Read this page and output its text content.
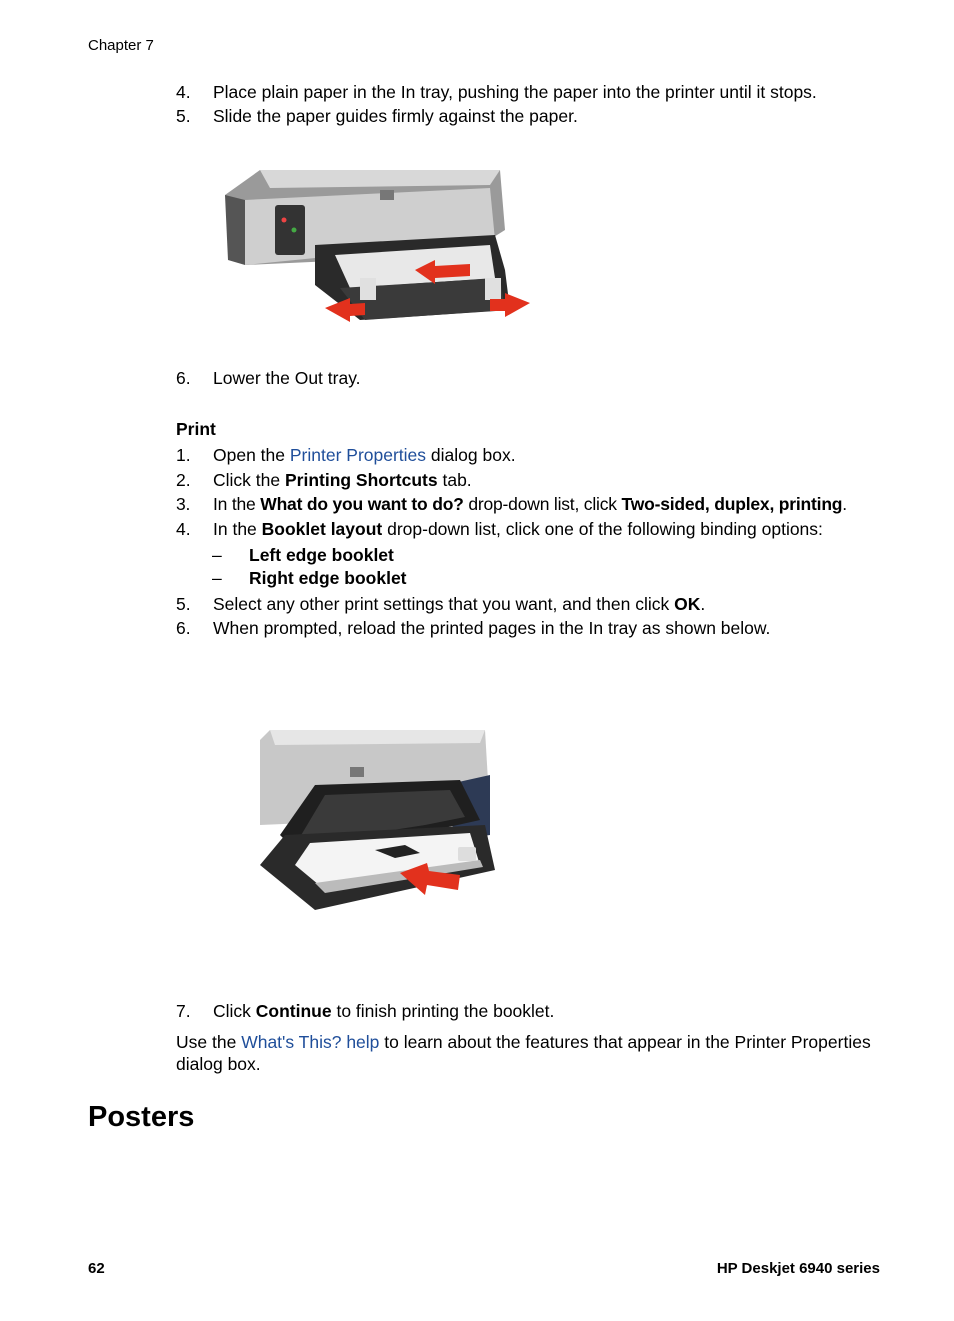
Chapter 7
4. Place plain paper in the In tray, pushing the paper into the printer until it stops.
5. Slide the paper guides firmly against the paper.
6. Lower the Out tray.
Print
1. Open the Printer Properties dialog box.
2. Click the Printing Shortcuts tab.
3. In the What do you want to do? drop-down list, click Two-sided, duplex, printing.
4. In the Booklet layout drop-down list, click one of the following binding options:
– Left edge booklet
– Right edge booklet
5. Select any other print settings that you want, and then click OK.
6. When prompted, reload the printed pages in the In tray as shown below.
7. Click Continue to finish printing the booklet.
Use the What's This? help to learn about the features that appear in the Printer Properties dialog box.
Posters
62	HP Deskjet 6940 series
